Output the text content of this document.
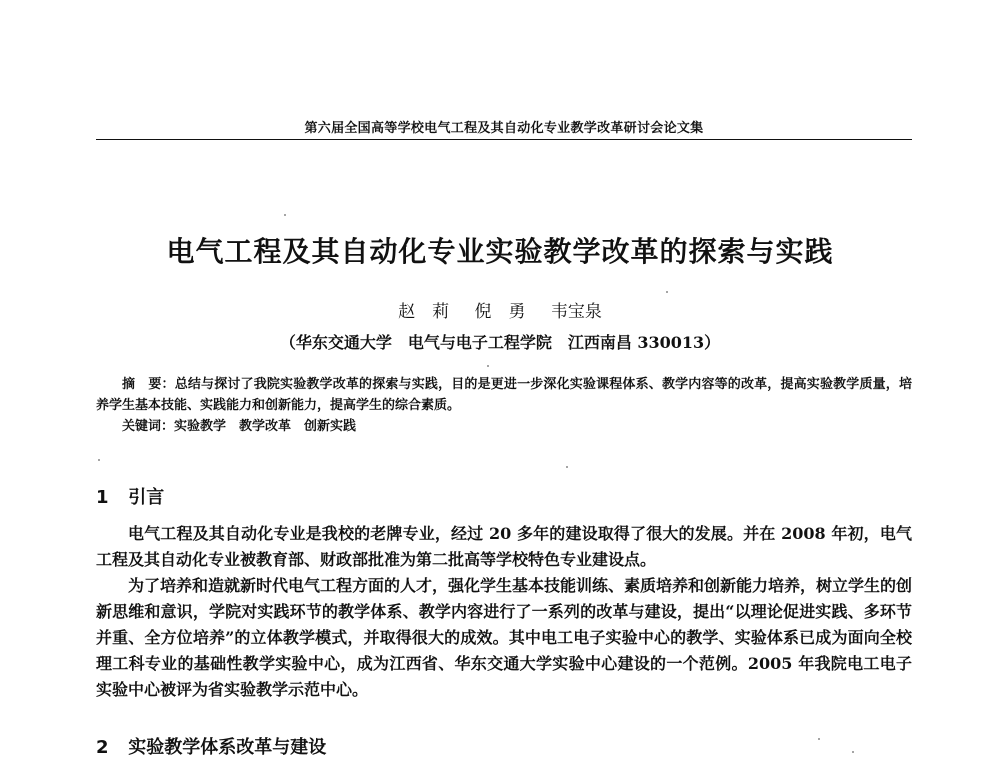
第六届全国高等学校电气工程及其自动化专业教学改革研讨会论文集
电气工程及其自动化专业实验教学改革的探索与实践
赵　莉 倪　勇 韦宝泉
（华东交通大学　电气与电子工程学院　江西南昌 330013）

摘　要：总结与探讨了我院实验教学改革的探索与实践，目的是更进一步深化实验课程体系、教学内容等的改革，提高实验教学质量，培养学生基本技能、实践能力和创新能力，提高学生的综合素质。

关键词：实验教学　教学改革　创新实践
1 引言

电气工程及其自动化专业是我校的老牌专业，经过 20 多年的建设取得了很大的发展。并在 2008 年初，电气工程及其自动化专业被教育部、财政部批准为第二批高等学校特色专业建设点。

为了培养和造就新时代电气工程方面的人才，强化学生基本技能训练、素质培养和创新能力培养，树立学生的创新思维和意识，学院对实践环节的教学体系、教学内容进行了一系列的改革与建设，提出“以理论促进实践、多环节并重、全方位培养”的立体教学模式，并取得很大的成效。其中电工电子实验中心的教学、实验体系已成为面向全校理工科专业的基础性教学实验中心，成为江西省、华东交通大学实验中心建设的一个范例。2005 年我院电工电子实验中心被评为省实验教学示范中心。

2 实验教学体系改革与建设
